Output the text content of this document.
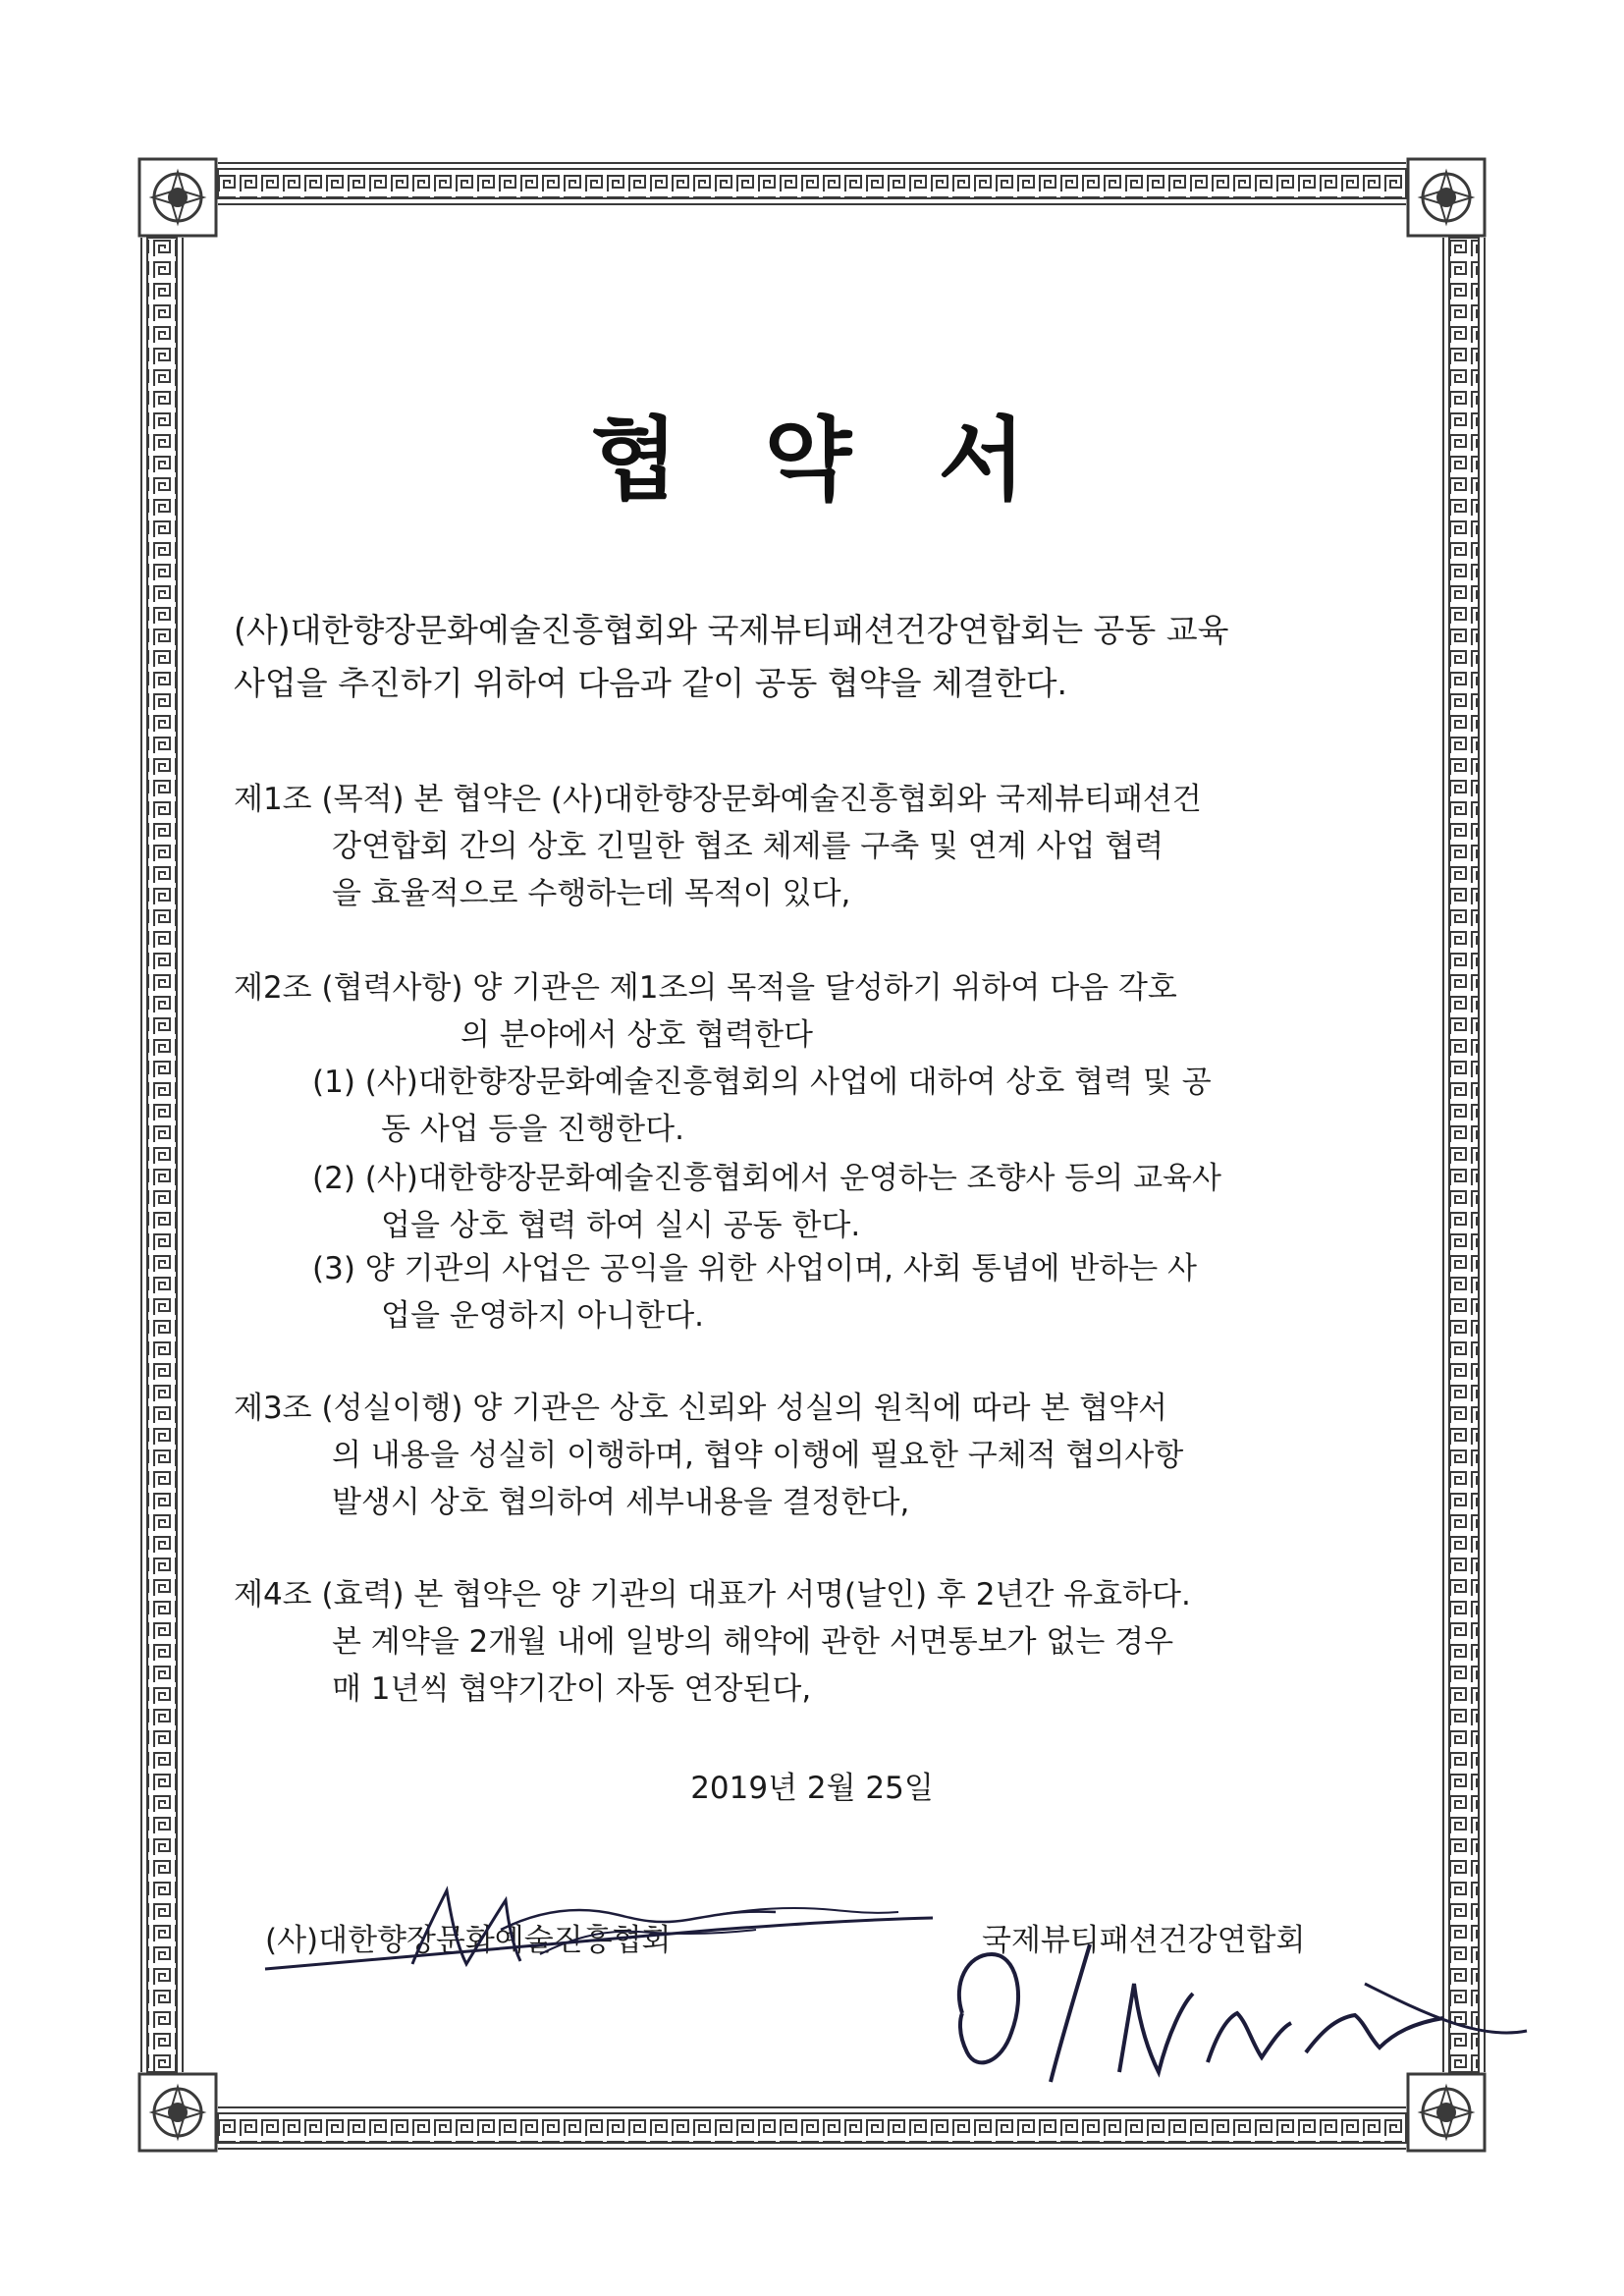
협 약 서
(사)대한향장문화예술진흥협회와 국제뷰티패션건강연합회는 공동 교육
사업을 추진하기 위하여 다음과 같이 공동 협약을 체결한다.
제1조 (목적) 본 협약은 (사)대한향장문화예술진흥협회와 국제뷰티패션건
강연합회 간의 상호 긴밀한 협조 체제를 구축 및 연계 사업 협력
을 효율적으로 수행하는데 목적이 있다,
제2조 (협력사항) 양 기관은 제1조의 목적을 달성하기 위하여 다음 각호
의 분야에서 상호 협력한다
(1) (사)대한향장문화예술진흥협회의 사업에 대하여 상호 협력 및 공
동 사업 등을 진행한다.
(2) (사)대한향장문화예술진흥협회에서 운영하는 조향사 등의 교육사
업을 상호 협력 하여 실시 공동 한다.
(3) 양 기관의 사업은 공익을 위한 사업이며, 사회 통념에 반하는 사
업을 운영하지 아니한다.
제3조 (성실이행) 양 기관은 상호 신뢰와 성실의 원칙에 따라 본 협약서
의 내용을 성실히 이행하며, 협약 이행에 필요한 구체적 협의사항
발생시 상호 협의하여 세부내용을 결정한다,
제4조 (효력) 본 협약은 양 기관의 대표가 서명(날인) 후 2년간 유효하다.
본 계약을 2개월 내에 일방의 해약에 관한 서면통보가 없는 경우
매 1년씩 협약기간이 자동 연장된다,
2019년 2월 25일
(사)대한향장문화예술진흥협회	국제뷰티패션건강연합회
